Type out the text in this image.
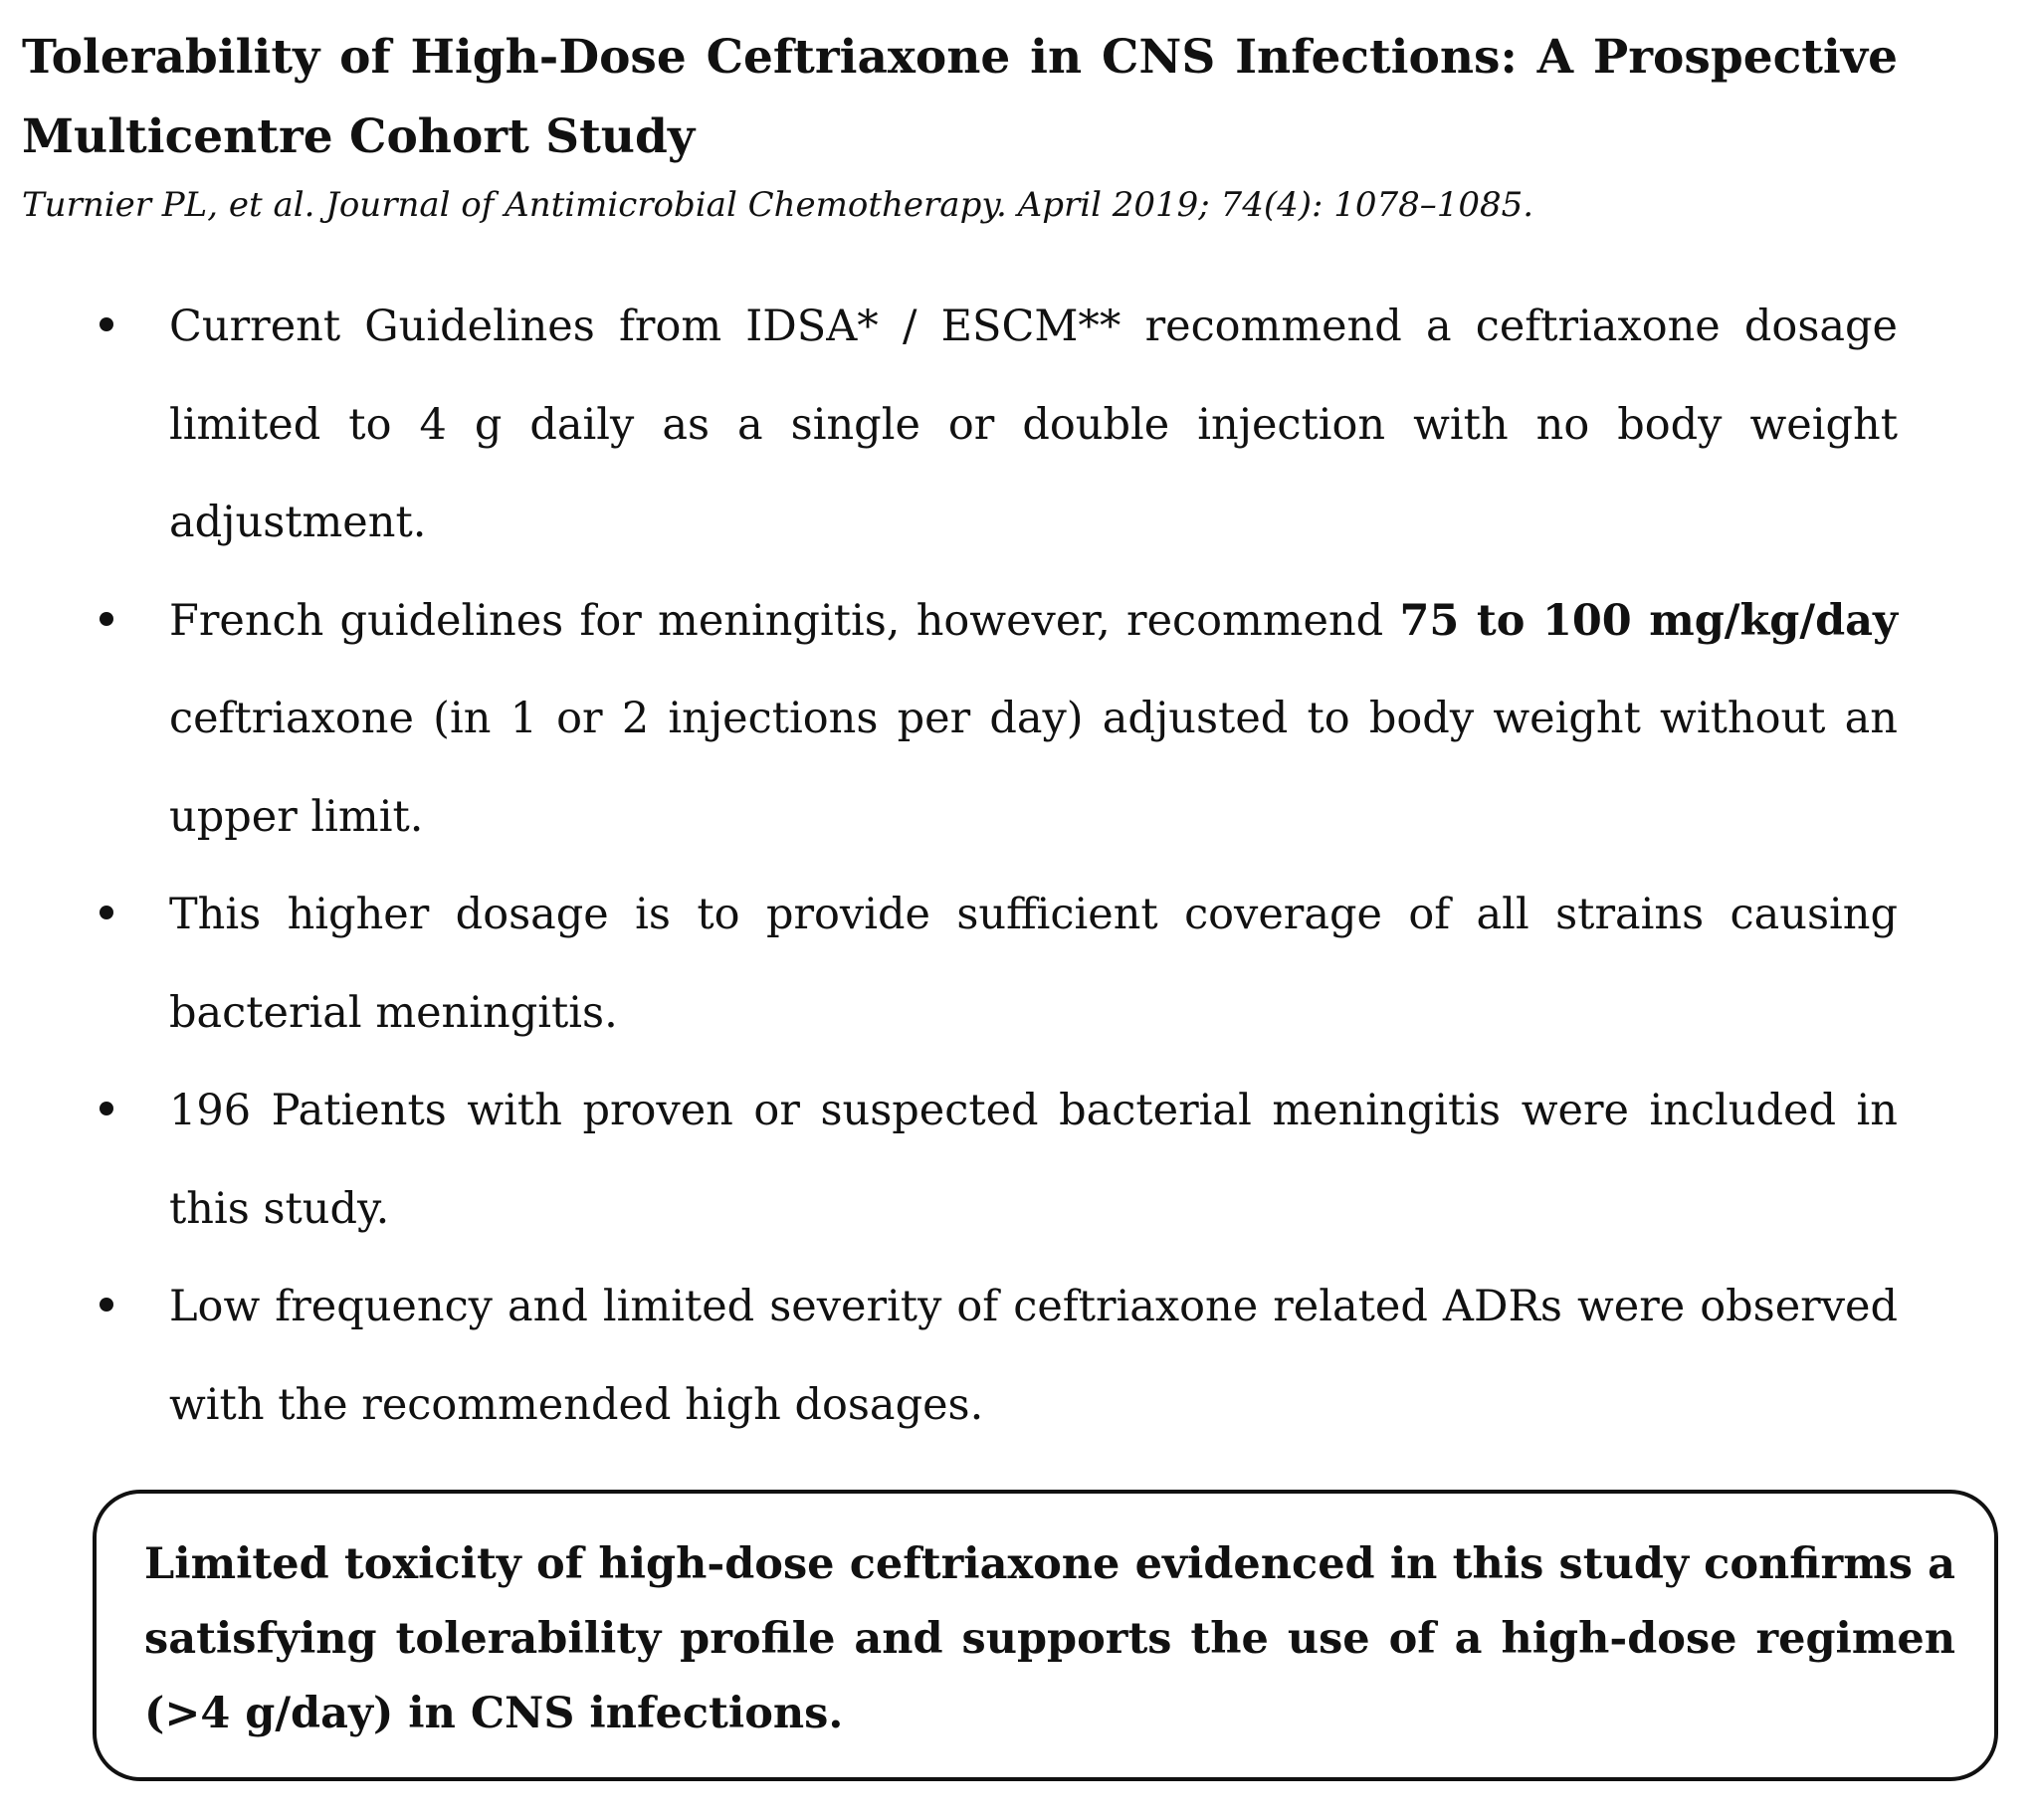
Tolerability of High-Dose Ceftriaxone in CNS Infections: A Prospective Multicentre Cohort Study

Turnier PL, et al. Journal of Antimicrobial Chemotherapy. April 2019; 74(4): 1078–1085.

Current Guidelines from IDSA* / ESCM** recommend a ceftriaxone dosage limited to 4 g daily as a single or double injection with no body weight adjustment.
French guidelines for meningitis, however, recommend 75 to 100 mg/kg/day ceftriaxone (in 1 or 2 injections per day) adjusted to body weight without an upper limit.
This higher dosage is to provide sufficient coverage of all strains causing bacterial meningitis.
196 Patients with proven or suspected bacterial meningitis were included in this study.
Low frequency and limited severity of ceftriaxone related ADRs were observed with the recommended high dosages.

Limited toxicity of high-dose ceftriaxone evidenced in this study confirms a satisfying tolerability profile and supports the use of a high-dose regimen (>4 g/day) in CNS infections.
